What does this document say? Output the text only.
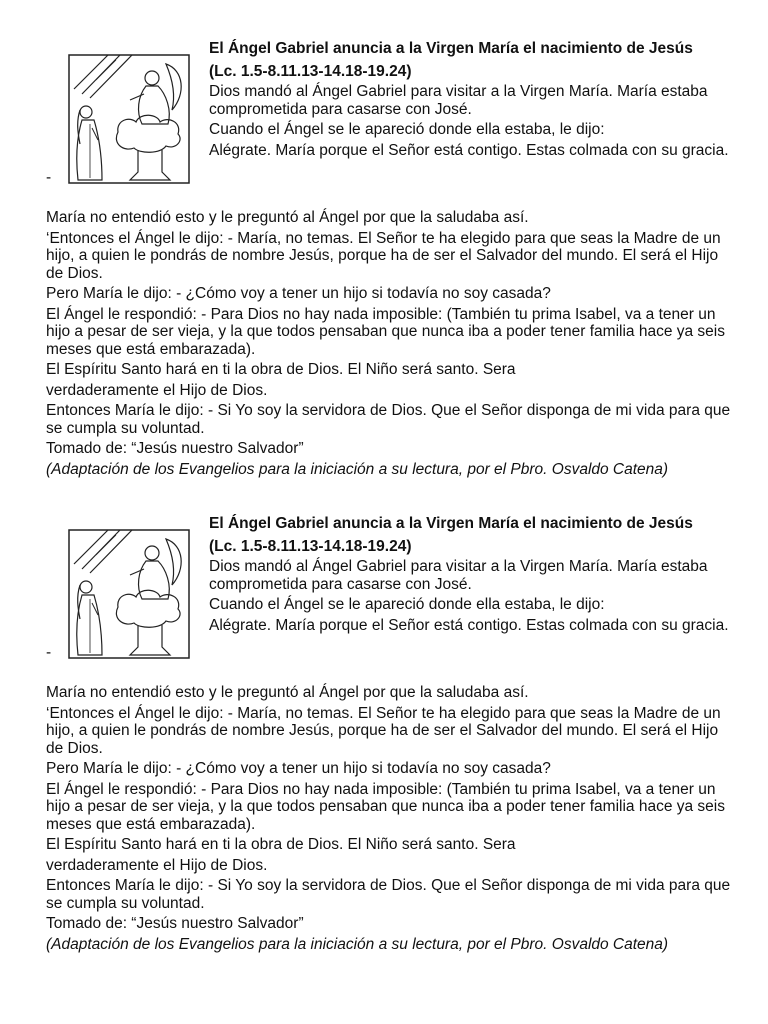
El Ángel Gabriel anuncia a la Virgen María el nacimiento de Jesús

(Lc. 1.5-8.11.13-14.18-19.24)

Dios mandó al Ángel Gabriel para visitar a la Virgen María. María estaba comprometida para casarse con José.

Cuando el Ángel se le apareció donde ella estaba, le dijo:

Alégrate. María porque el Señor está contigo. Estas colmada con su gracia.

-

María no entendió esto y le preguntó al Ángel por que la saludaba así.

‘Entonces el Ángel le dijo: - María, no temas. El Señor te ha elegido para que seas la Madre de un hijo, a quien le pondrás de nombre Jesús, porque ha de ser el Salvador del mundo. El será el Hijo de Dios.

Pero María le dijo: - ¿Cómo voy a tener un hijo si todavía no soy casada?

El Ángel le respondió: - Para Dios no hay nada imposible: (También tu prima Isabel, va a tener un hijo a pesar de ser vieja, y la que todos pensaban que nunca iba a poder tener familia hace ya seis meses que está embarazada).

El Espíritu Santo hará en ti la obra de Dios. El Niño será santo. Sera

verdaderamente el Hijo de Dios.

Entonces María le dijo: - Si Yo soy la servidora de Dios. Que el Señor disponga de mi vida para que se cumpla su voluntad.

Tomado de: “Jesús nuestro Salvador”

(Adaptación de los Evangelios para la iniciación a su lectura, por el Pbro. Osvaldo Catena)

El Ángel Gabriel anuncia a la Virgen María el nacimiento de Jesús

(Lc. 1.5-8.11.13-14.18-19.24)

Dios mandó al Ángel Gabriel para visitar a la Virgen María. María estaba comprometida para casarse con José.

Cuando el Ángel se le apareció donde ella estaba, le dijo:

Alégrate. María porque el Señor está contigo. Estas colmada con su gracia.

-

María no entendió esto y le preguntó al Ángel por que la saludaba así.

‘Entonces el Ángel le dijo: - María, no temas. El Señor te ha elegido para que seas la Madre de un hijo, a quien le pondrás de nombre Jesús, porque ha de ser el Salvador del mundo. El será el Hijo de Dios.

Pero María le dijo: - ¿Cómo voy a tener un hijo si todavía no soy casada?

El Ángel le respondió: - Para Dios no hay nada imposible: (También tu prima Isabel, va a tener un hijo a pesar de ser vieja, y la que todos pensaban que nunca iba a poder tener familia hace ya seis meses que está embarazada).

El Espíritu Santo hará en ti la obra de Dios. El Niño será santo. Sera

verdaderamente el Hijo de Dios.

Entonces María le dijo: - Si Yo soy la servidora de Dios. Que el Señor disponga de mi vida para que se cumpla su voluntad.

Tomado de: “Jesús nuestro Salvador”

(Adaptación de los Evangelios para la iniciación a su lectura, por el Pbro. Osvaldo Catena)
